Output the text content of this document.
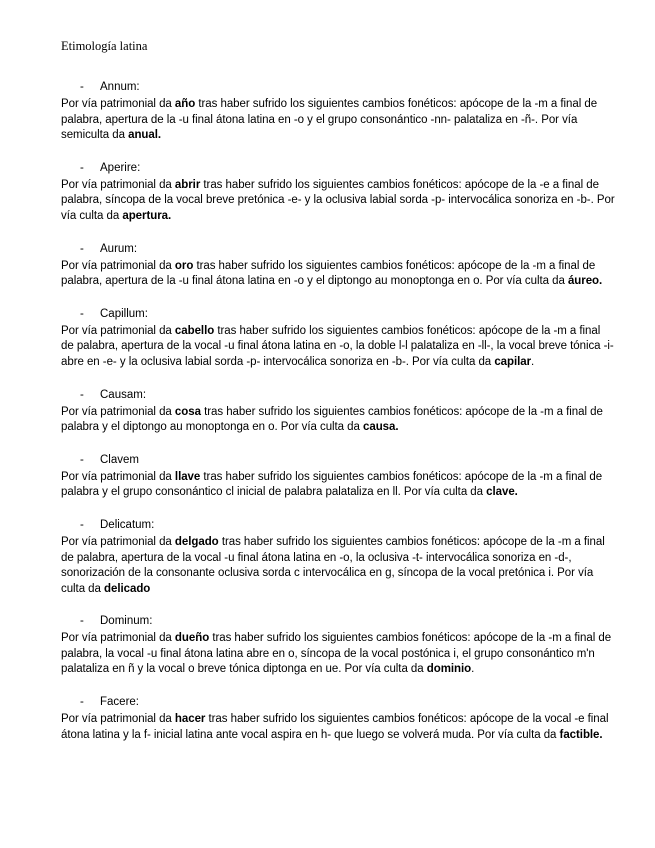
Etimología latina
- Annum:

Por vía patrimonial da año tras haber sufrido los siguientes cambios fonéticos: apócope de la -m a final de palabra, apertura de la -u final átona latina en -o y el grupo consonántico -nn- palataliza en -ñ-. Por vía semiculta da anual.

- Aperire:

Por vía patrimonial da abrir tras haber sufrido los siguientes cambios fonéticos: apócope de la -e a final de palabra, síncopa de la vocal breve pretónica -e- y la oclusiva labial sorda -p- intervocálica sonoriza en -b-. Por vía culta da apertura.

- Aurum:

Por vía patrimonial da oro tras haber sufrido los siguientes cambios fonéticos: apócope de la -m a final de palabra, apertura de la -u final átona latina en -o y el diptongo au monoptonga en o. Por vía culta da áureo.

- Capillum:

Por vía patrimonial da cabello tras haber sufrido los siguientes cambios fonéticos: apócope de la -m a final de palabra, apertura de la vocal -u final átona latina en -o, la doble l-l palataliza en -ll-, la vocal breve tónica -i- abre en -e- y la oclusiva labial sorda -p- intervocálica sonoriza en -b-. Por vía culta da capilar.

- Causam:

Por vía patrimonial da cosa tras haber sufrido los siguientes cambios fonéticos: apócope de la -m a final de palabra y el diptongo au monoptonga en o. Por vía culta da causa.

- Clavem

Por vía patrimonial da llave tras haber sufrido los siguientes cambios fonéticos: apócope de la -m a final de palabra y el grupo consonántico cl inicial de palabra palataliza en ll. Por vía culta da clave.

- Delicatum:

Por vía patrimonial da delgado tras haber sufrido los siguientes cambios fonéticos: apócope de la -m a final de palabra, apertura de la vocal -u final átona latina en -o, la oclusiva -t- intervocálica sonoriza en -d-, sonorización de la consonante oclusiva sorda c intervocálica en g, síncopa de la vocal pretónica i. Por vía culta da delicado

- Dominum:

Por vía patrimonial da dueño tras haber sufrido los siguientes cambios fonéticos: apócope de la -m a final de palabra, la vocal -u final átona latina abre en o, síncopa de la vocal postónica i, el grupo consonántico m'n palataliza en ñ y la vocal o breve tónica diptonga en ue. Por vía culta da dominio.

- Facere:

Por vía patrimonial da hacer tras haber sufrido los siguientes cambios fonéticos: apócope de la vocal -e final átona latina y la f- inicial latina ante vocal aspira en h- que luego se volverá muda. Por vía culta da factible.
